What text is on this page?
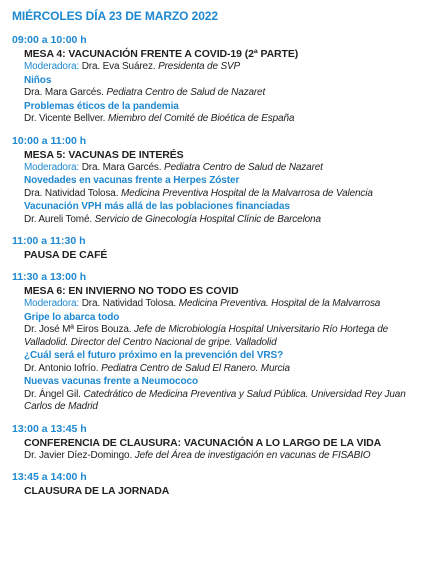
MIÉRCOLES DÍA 23 DE MARZO 2022
09:00 a 10:00 h
MESA 4: VACUNACIÓN FRENTE A COVID-19 (2ª PARTE)
Moderadora: Dra. Eva Suárez. Presidenta de SVP
Niños
Dra. Mara Garcés. Pediatra Centro de Salud de Nazaret
Problemas éticos de la pandemia
Dr. Vicente Bellver. Miembro del Comité de Bioética de España
10:00 a 11:00 h
MESA 5: VACUNAS DE INTERÉS
Moderadora: Dra. Mara Garcés. Pediatra Centro de Salud de Nazaret
Novedades en vacunas frente a Herpes Zóster
Dra. Natividad Tolosa. Medicina Preventiva Hospital de la Malvarrosa de Valencia
Vacunación VPH más allá de las poblaciones financiadas
Dr. Aureli Tomé. Servicio de Ginecología Hospital Clínic de Barcelona
11:00 a 11:30 h
PAUSA DE CAFÉ
11:30 a 13:00 h
MESA 6: EN INVIERNO NO TODO ES COVID
Moderadora: Dra. Natividad Tolosa. Medicina Preventiva. Hospital de la Malvarrosa
Gripe lo abarca todo
Dr. José Mª Eiros Bouza. Jefe de Microbiología Hospital Universitario Río Hortega de Valladolid. Director del Centro Nacional de gripe. Valladolid
¿Cuál será el futuro próximo en la prevención del VRS?
Dr. Antonio Iofrío. Pediatra Centro de Salud El Ranero. Murcia
Nuevas vacunas frente a Neumococo
Dr. Ángel Gil. Catedrático de Medicina Preventiva y Salud Pública. Universidad Rey Juan Carlos de Madrid
13:00 a 13:45 h
CONFERENCIA DE CLAUSURA: VACUNACIÓN A LO LARGO DE LA VIDA
Dr. Javier Díez-Domingo. Jefe del Área de investigación en vacunas de FISABIO
13:45 a 14:00 h
CLAUSURA DE LA JORNADA
